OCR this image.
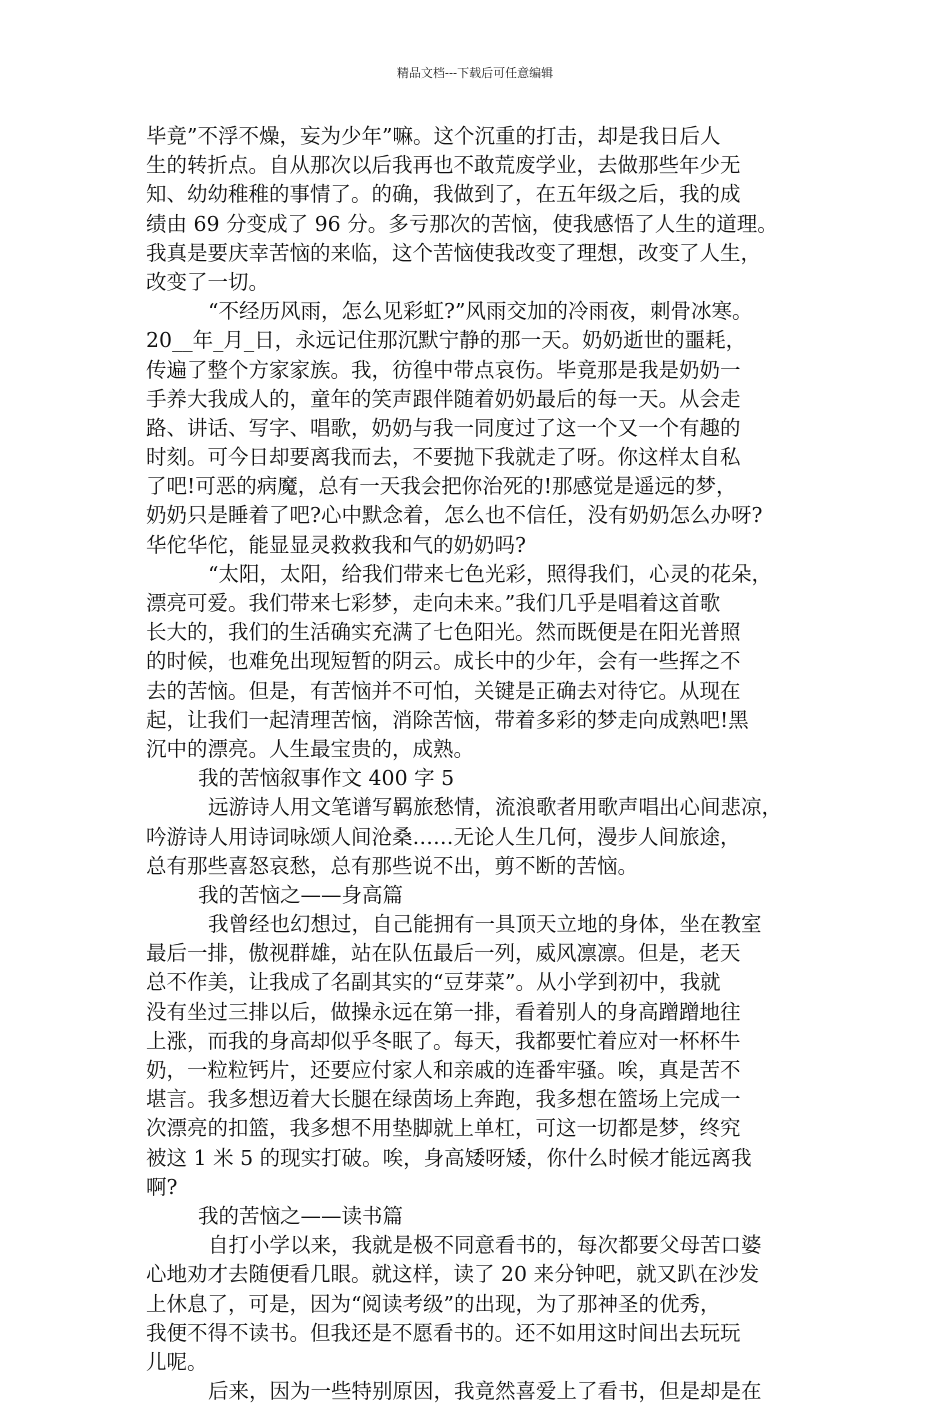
精品文档---下载后可任意编辑
毕竟”不浮不燥，妄为少年”嘛。这个沉重的打击，却是我日后人
生的转折点。自从那次以后我再也不敢荒废学业，去做那些年少无
知、幼幼稚稚的事情了。的确，我做到了，在五年级之后，我的成
绩由 69 分变成了 96 分。多亏那次的苦恼，使我感悟了人生的道理。
我真是要庆幸苦恼的来临，这个苦恼使我改变了理想，改变了人生，
改变了一切。
“不经历风雨，怎么见彩虹?”风雨交加的冷雨夜，刺骨冰寒。
20__年_月_日，永远记住那沉默宁静的那一天。奶奶逝世的噩耗，
传遍了整个方家家族。我，彷徨中带点哀伤。毕竟那是我是奶奶一
手养大我成人的，童年的笑声跟伴随着奶奶最后的每一天。从会走
路、讲话、写字、唱歌，奶奶与我一同度过了这一个又一个有趣的
时刻。可今日却要离我而去，不要抛下我就走了呀。你这样太自私
了吧!可恶的病魔，总有一天我会把你治死的!那感觉是遥远的梦，
奶奶只是睡着了吧?心中默念着，怎么也不信任，没有奶奶怎么办呀?
华佗华佗，能显显灵救救我和气的奶奶吗?
“太阳，太阳，给我们带来七色光彩，照得我们，心灵的花朵，
漂亮可爱。我们带来七彩梦，走向未来。”我们几乎是唱着这首歌
长大的，我们的生活确实充满了七色阳光。然而既便是在阳光普照
的时候，也难免出现短暂的阴云。成长中的少年，会有一些挥之不
去的苦恼。但是，有苦恼并不可怕，关键是正确去对待它。从现在
起，让我们一起清理苦恼，消除苦恼，带着多彩的梦走向成熟吧!黑
沉中的漂亮。人生最宝贵的，成熟。
我的苦恼叙事作文 400 字 5
远游诗人用文笔谱写羁旅愁情，流浪歌者用歌声唱出心间悲凉，
吟游诗人用诗词咏颂人间沧桑……无论人生几何，漫步人间旅途，
总有那些喜怒哀愁，总有那些说不出，剪不断的苦恼。
我的苦恼之——身高篇
我曾经也幻想过，自己能拥有一具顶天立地的身体，坐在教室
最后一排，傲视群雄，站在队伍最后一列，威风凛凛。但是，老天
总不作美，让我成了名副其实的“豆芽菜”。从小学到初中，我就
没有坐过三排以后，做操永远在第一排，看着别人的身高蹭蹭地往
上涨，而我的身高却似乎冬眠了。每天，我都要忙着应对一杯杯牛
奶，一粒粒钙片，还要应付家人和亲戚的连番牢骚。唉，真是苦不
堪言。我多想迈着大长腿在绿茵场上奔跑，我多想在篮场上完成一
次漂亮的扣篮，我多想不用垫脚就上单杠，可这一切都是梦，终究
被这 1 米 5 的现实打破。唉，身高矮呀矮，你什么时候才能远离我
啊?
我的苦恼之——读书篇
自打小学以来，我就是极不同意看书的，每次都要父母苦口婆
心地劝才去随便看几眼。就这样，读了 20 来分钟吧，就又趴在沙发
上休息了，可是，因为“阅读考级”的出现，为了那神圣的优秀，
我便不得不读书。但我还是不愿看书的。还不如用这时间出去玩玩
儿呢。
后来，因为一些特别原因，我竟然喜爱上了看书，但是却是在
